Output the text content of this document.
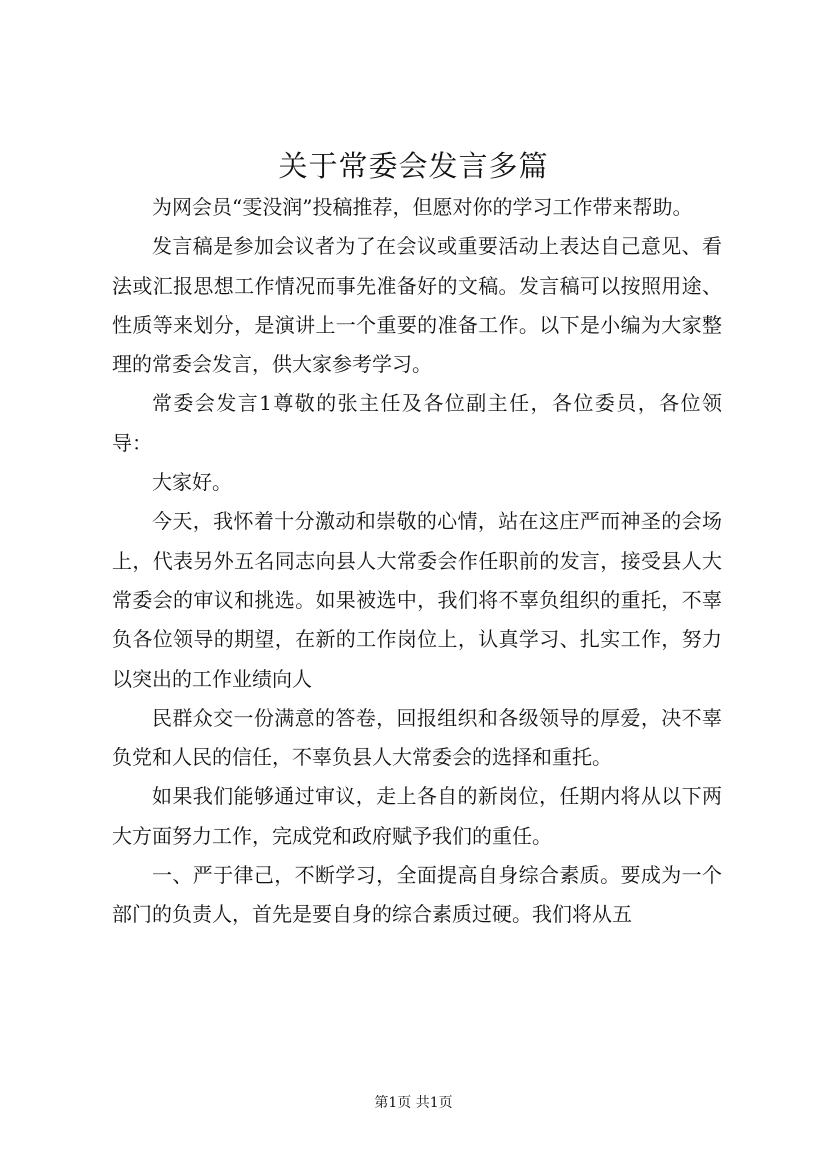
关于常委会发言多篇

为网会员“雯没润”投稿推荐，但愿对你的学习工作带来帮助。

发言稿是参加会议者为了在会议或重要活动上表达自己意见、看法或汇报思想工作情况而事先准备好的文稿。发言稿可以按照用途、性质等来划分，是演讲上一个重要的准备工作。以下是小编为大家整理的常委会发言，供大家参考学习。

常委会发言1尊敬的张主任及各位副主任，各位委员，各位领导：

大家好。

今天，我怀着十分激动和崇敬的心情，站在这庄严而神圣的会场上，代表另外五名同志向县人大常委会作任职前的发言，接受县人大常委会的审议和挑选。如果被选中，我们将不辜负组织的重托，不辜负各位领导的期望，在新的工作岗位上，认真学习、扎实工作，努力以突出的工作业绩向人

民群众交一份满意的答卷，回报组织和各级领导的厚爱，决不辜负党和人民的信任，不辜负县人大常委会的选择和重托。

如果我们能够通过审议，走上各自的新岗位，任期内将从以下两大方面努力工作，完成党和政府赋予我们的重任。

一、严于律己，不断学习，全面提高自身综合素质。要成为一个部门的负责人，首先是要自身的综合素质过硬。我们将从五

第1页 共1页
